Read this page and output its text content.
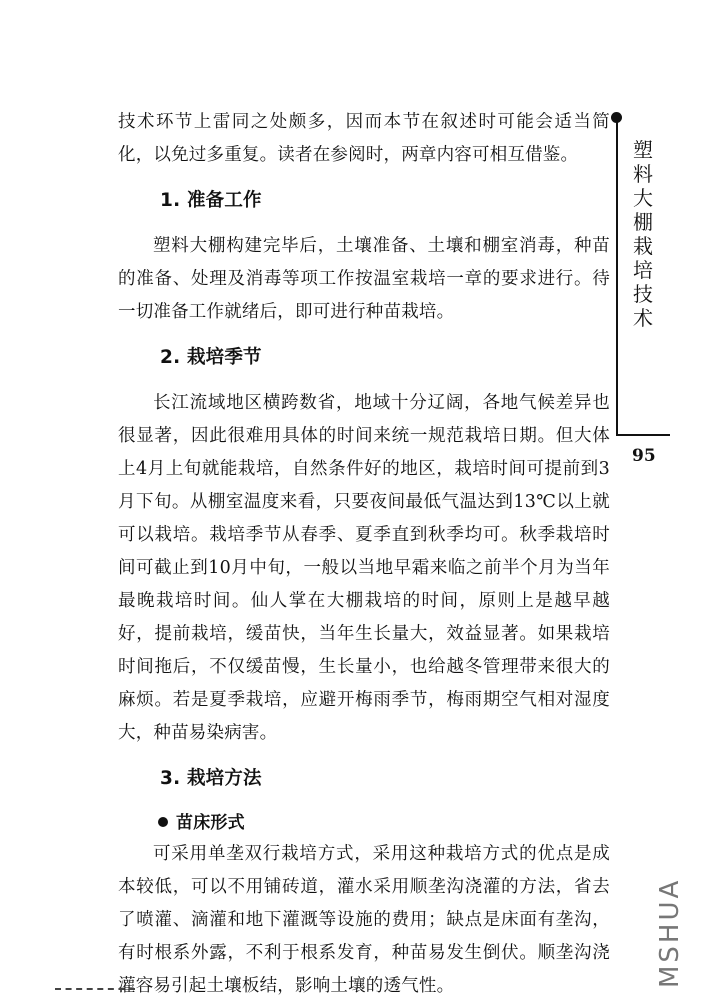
技术环节上雷同之处颇多，因而本节在叙述时可能会适当简化，以免过多重复。读者在参阅时，两章内容可相互借鉴。

1. 准备工作

塑料大棚构建完毕后，土壤准备、土壤和棚室消毒，种苗的准备、处理及消毒等项工作按温室栽培一章的要求进行。待一切准备工作就绪后，即可进行种苗栽培。

2. 栽培季节

长江流域地区横跨数省，地域十分辽阔，各地气候差异也很显著，因此很难用具体的时间来统一规范栽培日期。但大体上4月上旬就能栽培，自然条件好的地区，栽培时间可提前到3月下旬。从棚室温度来看，只要夜间最低气温达到13℃以上就可以栽培。栽培季节从春季、夏季直到秋季均可。秋季栽培时间可截止到10月中旬，一般以当地早霜来临之前半个月为当年最晚栽培时间。仙人掌在大棚栽培的时间，原则上是越早越好，提前栽培，缓苗快，当年生长量大，效益显著。如果栽培时间拖后，不仅缓苗慢，生长量小，也给越冬管理带来很大的麻烦。若是夏季栽培，应避开梅雨季节，梅雨期空气相对湿度大，种苗易染病害。

3. 栽培方法
苗床形式

可采用单垄双行栽培方式，采用这种栽培方式的优点是成本较低，可以不用铺砖道，灌水采用顺垄沟浇灌的方法，省去了喷灌、滴灌和地下灌溉等设施的费用；缺点是床面有垄沟，有时根系外露，不利于根系发育，种苗易发生倒伏。顺垄沟浇灌容易引起土壤板结，影响土壤的透气性。

塑
料
大
棚
栽
培
技
术
95
MSHUA
